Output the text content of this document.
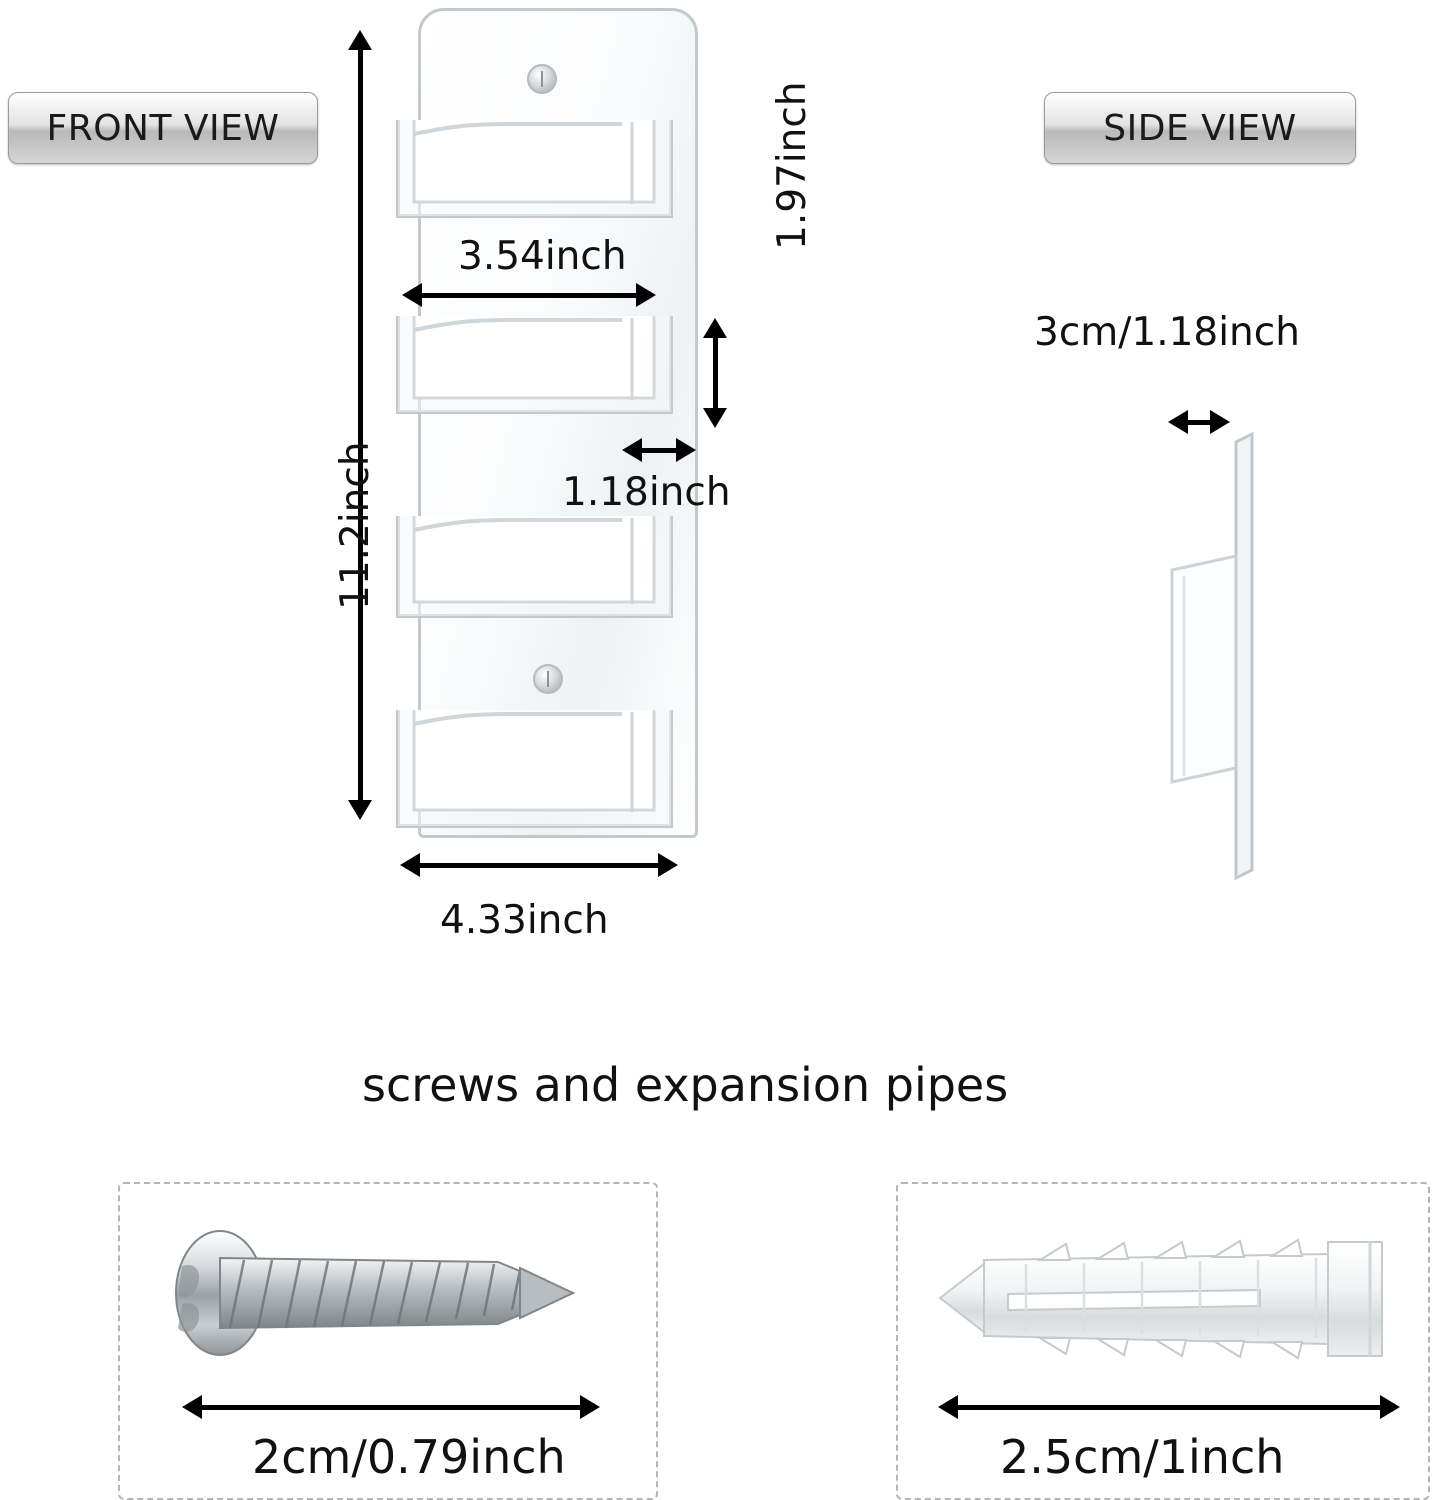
FRONT VIEW	SIDE VIEW
11.2inch
3.54inch
1.97inch
1.18inch
4.33inch
3cm/1.18inch
screws and expansion pipes
2cm/0.79inch	2.5cm/1inch
